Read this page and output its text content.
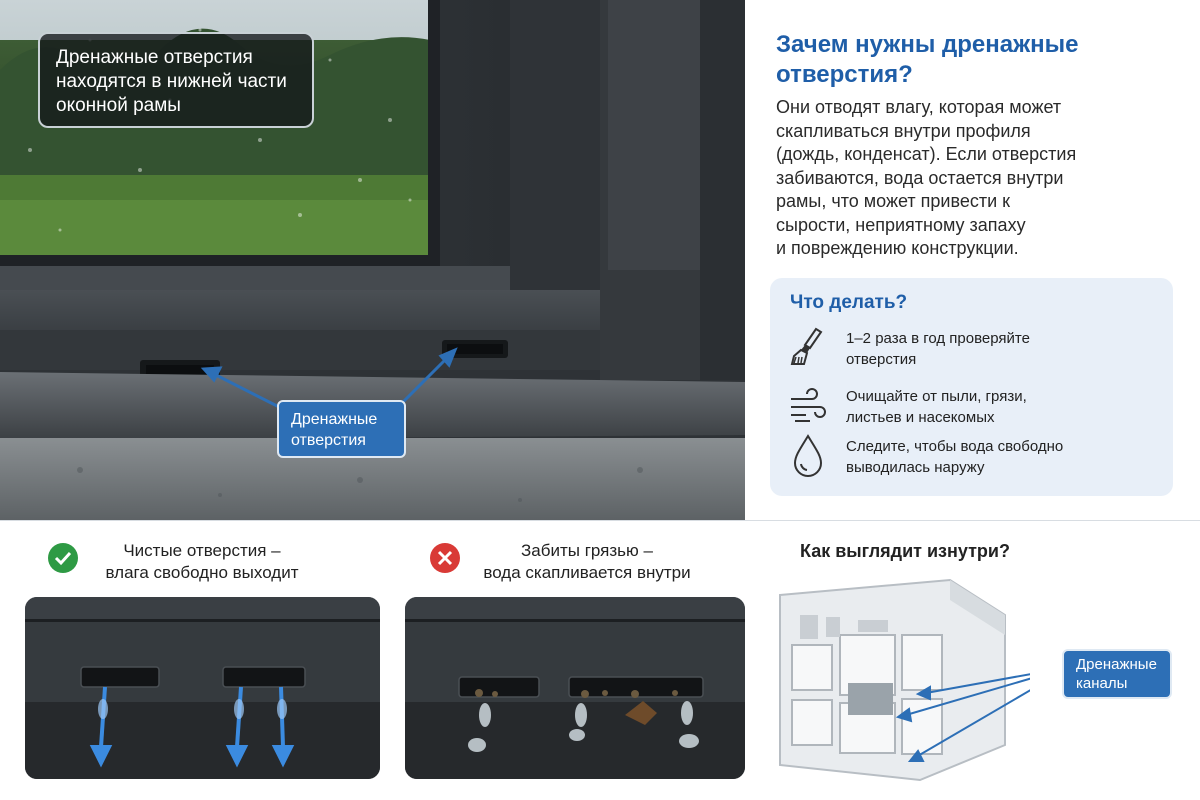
Дренажные отверстия находятся в нижней части оконной рамы
Дренажные
отверстия
Зачем нужны дренажные
отверстия?
Они отводят влагу, которая может
скапливаться внутри профиля
(дождь, конденсат). Если отверстия
забиваются, вода остается внутри
рамы, что может привести к
сырости, неприятному запаху
и повреждению конструкции.
Что делать?
1–2 раза в год проверяйте
отверстия
Очищайте от пыли, грязи,
листьев и насекомых
Следите, чтобы вода свободно
выводилась наружу
Чистые отверстия –
влага свободно выходит
Забиты грязью –
вода скапливается внутри
Как выглядит изнутри?
Дренажные
каналы
